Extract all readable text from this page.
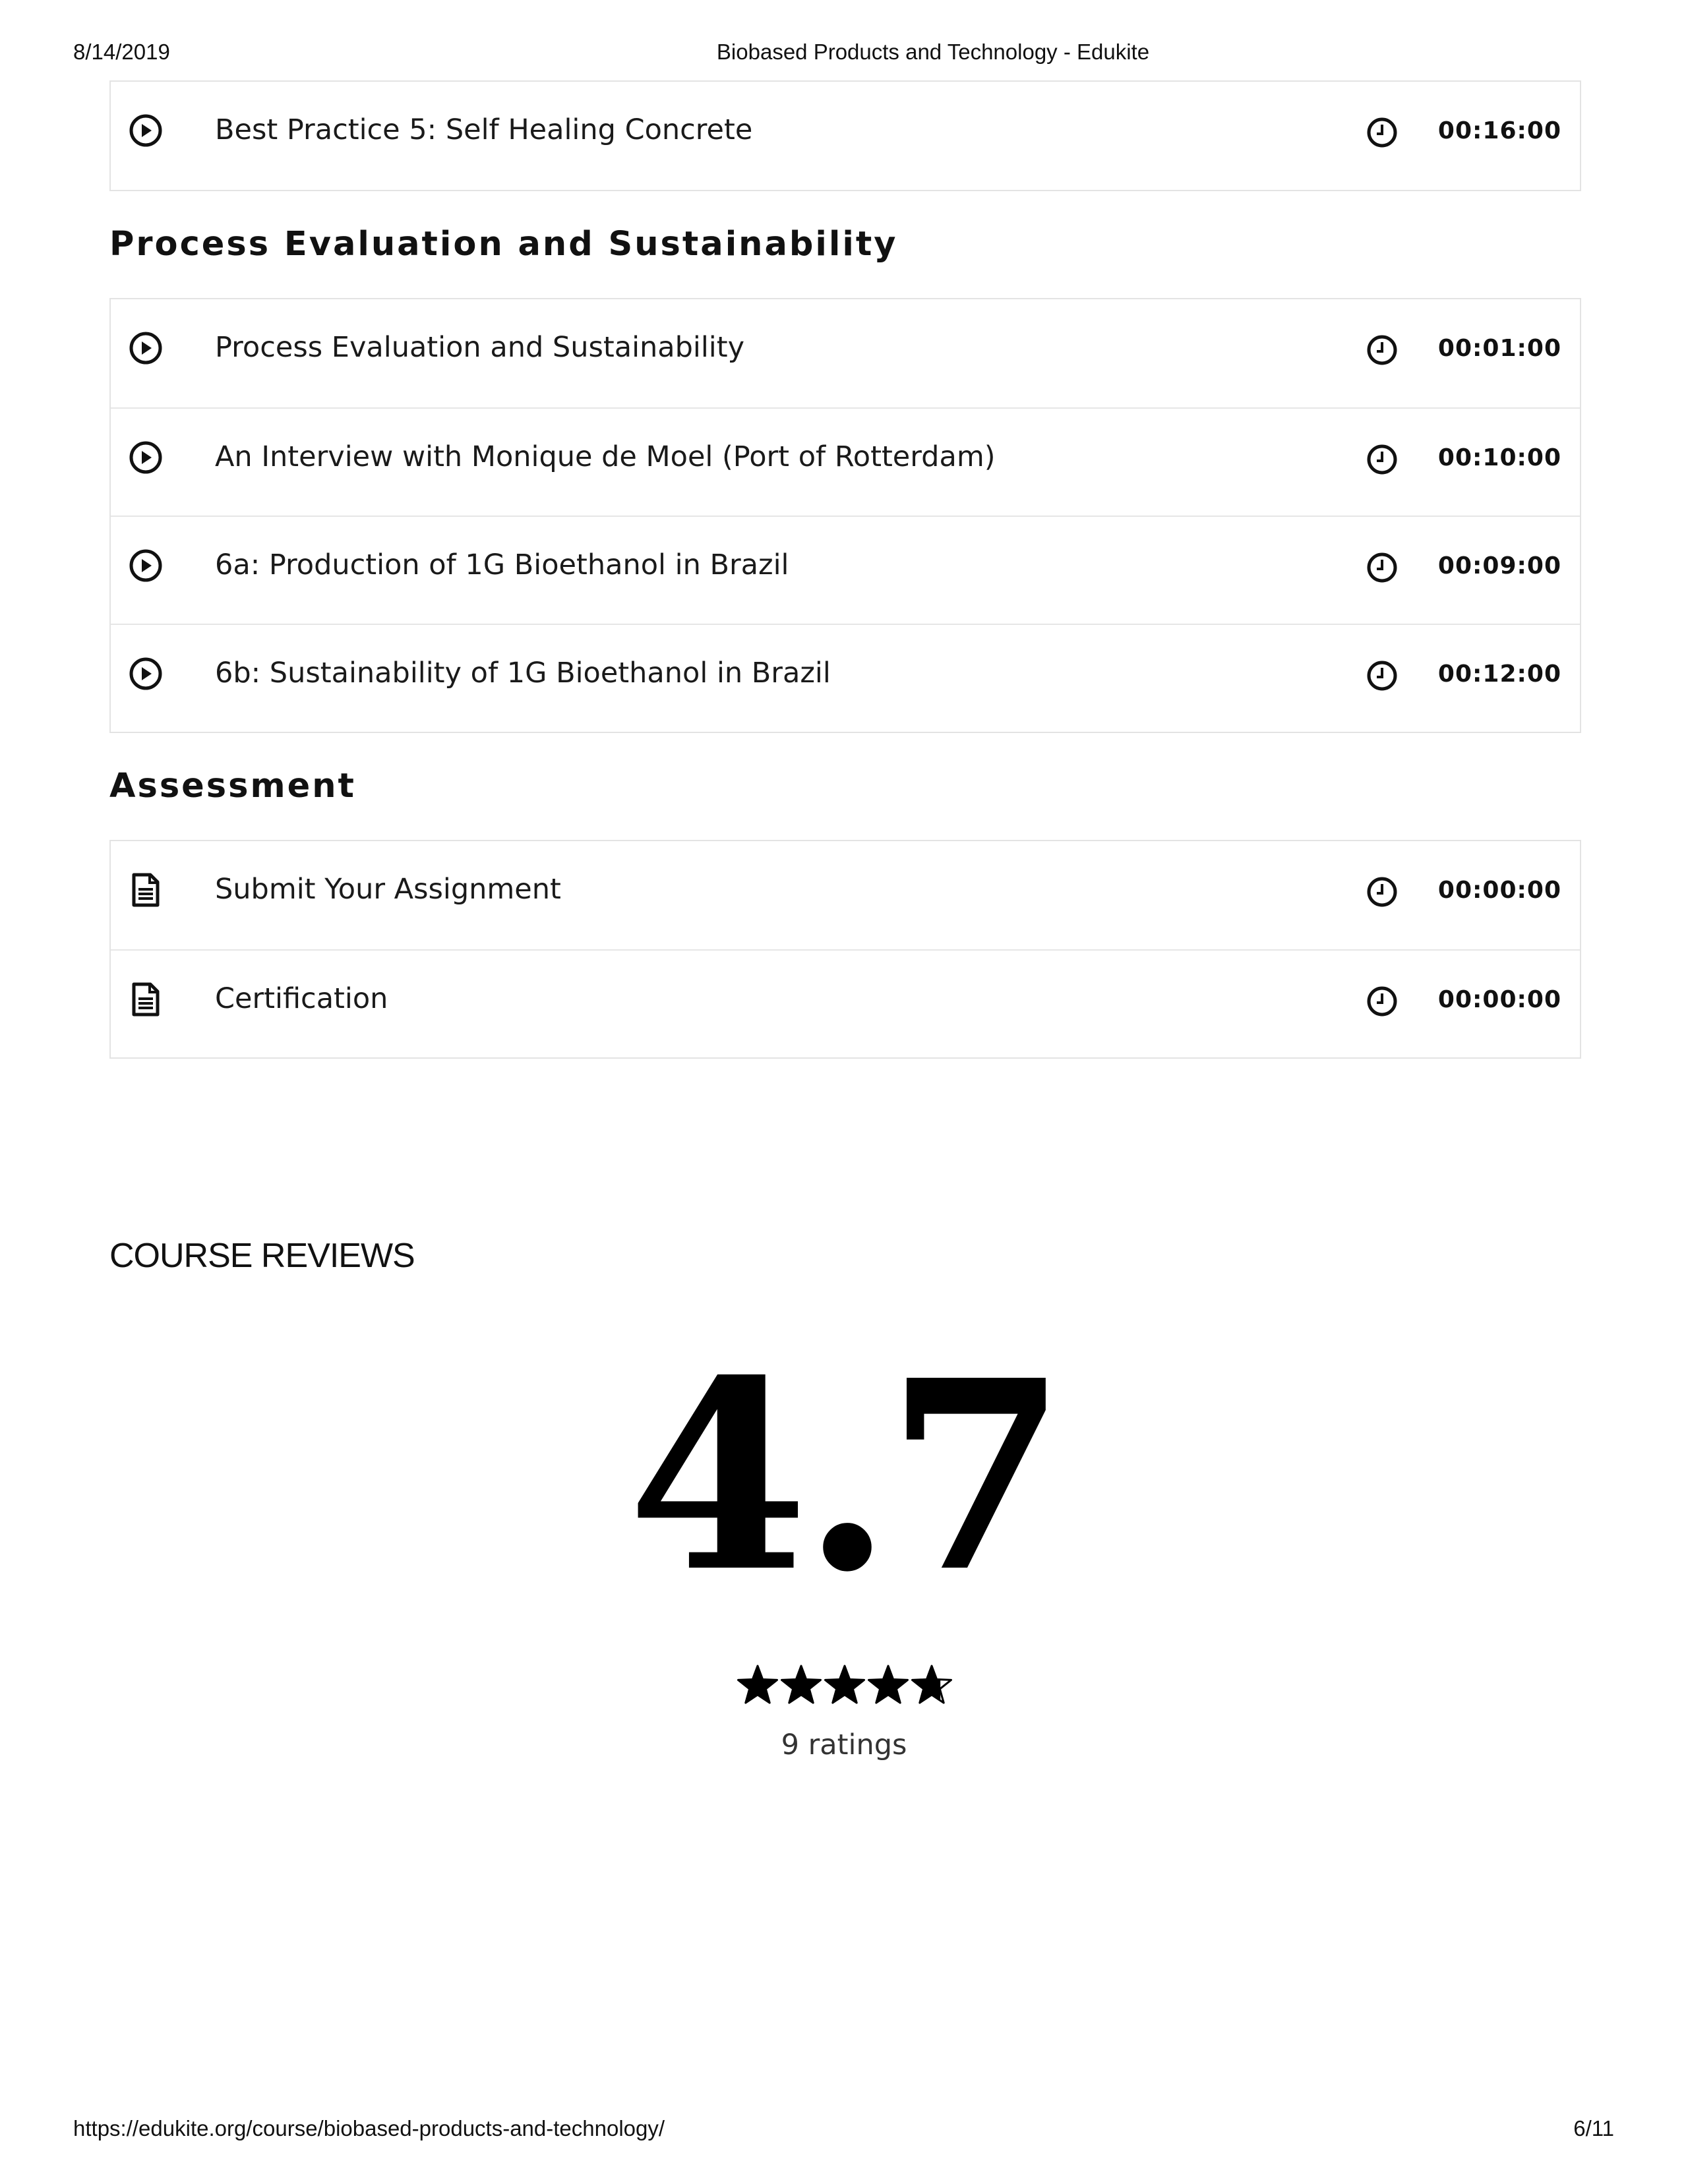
8/14/2019	Biobased Products and Technology - Edukite
Best Practice 5: Self Healing Concrete	00:16:00
Process Evaluation and Sustainability
Process Evaluation and Sustainability	00:01:00
An Interview with Monique de Moel (Port of Rotterdam)	00:10:00
6a: Production of 1G Bioethanol in Brazil	00:09:00
6b: Sustainability of 1G Bioethanol in Brazil	00:12:00
Assessment
Submit Your Assignment	00:00:00
Certification	00:00:00
COURSE REVIEWS
4.7
9 ratings
https://edukite.org/course/biobased-products-and-technology/	6/11
